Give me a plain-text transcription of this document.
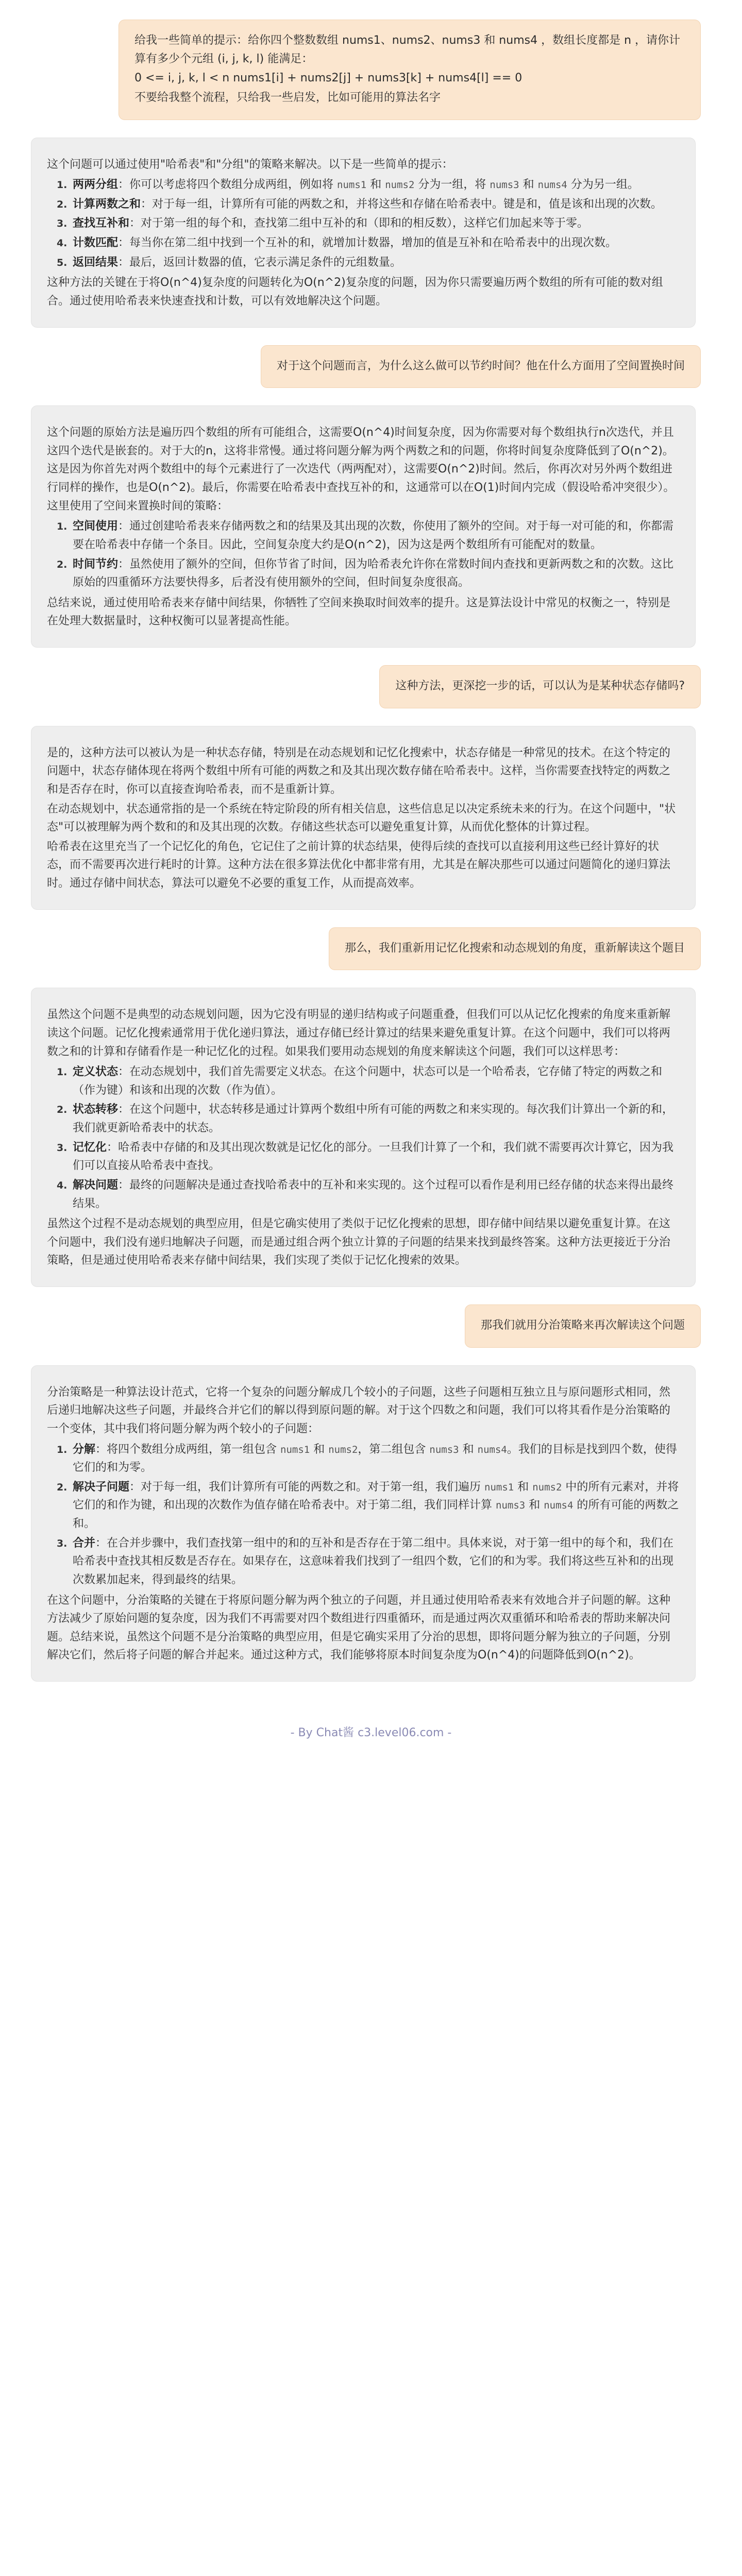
给我一些简单的提示：给你四个整数数组 nums1、nums2、nums3 和 nums4 ，数组长度都是 n ，请你计算有多少个元组 (i, j, k, l) 能满足：

0 <= i, j, k, l < n nums1[i] + nums2[j] + nums3[k] + nums4[l] == 0

不要给我整个流程，只给我一些启发，比如可能用的算法名字

这个问题可以通过使用"哈希表"和"分组"的策略来解决。以下是一些简单的提示：

1. 两两分组：你可以考虑将四个数组分成两组，例如将 nums1 和 nums2 分为一组，将 nums3 和 nums4 分为另一组。
2. 计算两数之和：对于每一组，计算所有可能的两数之和，并将这些和存储在哈希表中。键是和，值是该和出现的次数。
3. 查找互补和：对于第一组的每个和，查找第二组中互补的和（即和的相反数），这样它们加起来等于零。
4. 计数匹配：每当你在第二组中找到一个互补的和，就增加计数器，增加的值是互补和在哈希表中的出现次数。
5. 返回结果：最后，返回计数器的值，它表示满足条件的元组数量。

这种方法的关键在于将O(n^4)复杂度的问题转化为O(n^2)复杂度的问题，因为你只需要遍历两个数组的所有可能的数对组合。通过使用哈希表来快速查找和计数，可以有效地解决这个问题。

对于这个问题而言，为什么这么做可以节约时间？他在什么方面用了空间置换时间

这个问题的原始方法是遍历四个数组的所有可能组合，这需要O(n^4)时间复杂度，因为你需要对每个数组执行n次迭代，并且这四个迭代是嵌套的。对于大的n，这将非常慢。通过将问题分解为两个两数之和的问题，你将时间复杂度降低到了O(n^2)。这是因为你首先对两个数组中的每个元素进行了一次迭代（两两配对），这需要O(n^2)时间。然后，你再次对另外两个数组进行同样的操作，也是O(n^2)。最后，你需要在哈希表中查找互补的和，这通常可以在O(1)时间内完成（假设哈希冲突很少）。这里使用了空间来置换时间的策略：

1. 空间使用：通过创建哈希表来存储两数之和的结果及其出现的次数，你使用了额外的空间。对于每一对可能的和，你都需要在哈希表中存储一个条目。因此，空间复杂度大约是O(n^2)，因为这是两个数组所有可能配对的数量。
2. 时间节约：虽然使用了额外的空间，但你节省了时间，因为哈希表允许你在常数时间内查找和更新两数之和的次数。这比原始的四重循环方法要快得多，后者没有使用额外的空间，但时间复杂度很高。

总结来说，通过使用哈希表来存储中间结果，你牺牲了空间来换取时间效率的提升。这是算法设计中常见的权衡之一，特别是在处理大数据量时，这种权衡可以显著提高性能。

这种方法，更深挖一步的话，可以认为是某种状态存储吗?

是的，这种方法可以被认为是一种状态存储，特别是在动态规划和记忆化搜索中，状态存储是一种常见的技术。在这个特定的问题中，状态存储体现在将两个数组中所有可能的两数之和及其出现次数存储在哈希表中。这样，当你需要查找特定的两数之和是否存在时，你可以直接查询哈希表，而不是重新计算。

在动态规划中，状态通常指的是一个系统在特定阶段的所有相关信息，这些信息足以决定系统未来的行为。在这个问题中，"状态"可以被理解为两个数和的和及其出现的次数。存储这些状态可以避免重复计算，从而优化整体的计算过程。

哈希表在这里充当了一个记忆化的角色，它记住了之前计算的状态结果，使得后续的查找可以直接利用这些已经计算好的状态，而不需要再次进行耗时的计算。这种方法在很多算法优化中都非常有用，尤其是在解决那些可以通过问题简化的递归算法时。通过存储中间状态，算法可以避免不必要的重复工作，从而提高效率。

那么，我们重新用记忆化搜索和动态规划的角度，重新解读这个题目

虽然这个问题不是典型的动态规划问题，因为它没有明显的递归结构或子问题重叠，但我们可以从记忆化搜索的角度来重新解读这个问题。记忆化搜索通常用于优化递归算法，通过存储已经计算过的结果来避免重复计算。在这个问题中，我们可以将两数之和的计算和存储看作是一种记忆化的过程。如果我们要用动态规划的角度来解读这个问题，我们可以这样思考：

1. 定义状态：在动态规划中，我们首先需要定义状态。在这个问题中，状态可以是一个哈希表，它存储了特定的两数之和（作为键）和该和出现的次数（作为值）。
2. 状态转移：在这个问题中，状态转移是通过计算两个数组中所有可能的两数之和来实现的。每次我们计算出一个新的和，我们就更新哈希表中的状态。
3. 记忆化：哈希表中存储的和及其出现次数就是记忆化的部分。一旦我们计算了一个和，我们就不需要再次计算它，因为我们可以直接从哈希表中查找。
4. 解决问题：最终的问题解决是通过查找哈希表中的互补和来实现的。这个过程可以看作是利用已经存储的状态来得出最终结果。

虽然这个过程不是动态规划的典型应用，但是它确实使用了类似于记忆化搜索的思想，即存储中间结果以避免重复计算。在这个问题中，我们没有递归地解决子问题，而是通过组合两个独立计算的子问题的结果来找到最终答案。这种方法更接近于分治策略，但是通过使用哈希表来存储中间结果，我们实现了类似于记忆化搜索的效果。

那我们就用分治策略来再次解读这个问题

分治策略是一种算法设计范式，它将一个复杂的问题分解成几个较小的子问题，这些子问题相互独立且与原问题形式相同，然后递归地解决这些子问题，并最终合并它们的解以得到原问题的解。对于这个四数之和问题，我们可以将其看作是分治策略的一个变体，其中我们将问题分解为两个较小的子问题：

1. 分解：将四个数组分成两组，第一组包含 nums1 和 nums2，第二组包含 nums3 和 nums4。我们的目标是找到四个数，使得它们的和为零。
2. 解决子问题：对于每一组，我们计算所有可能的两数之和。对于第一组，我们遍历 nums1 和 nums2 中的所有元素对，并将它们的和作为键，和出现的次数作为值存储在哈希表中。对于第二组，我们同样计算 nums3 和 nums4 的所有可能的两数之和。
3. 合并：在合并步骤中，我们查找第一组中的和的互补和是否存在于第二组中。具体来说，对于第一组中的每个和，我们在哈希表中查找其相反数是否存在。如果存在，这意味着我们找到了一组四个数，它们的和为零。我们将这些互补和的出现次数累加起来，得到最终的结果。

在这个问题中，分治策略的关键在于将原问题分解为两个独立的子问题，并且通过使用哈希表来有效地合并子问题的解。这种方法减少了原始问题的复杂度，因为我们不再需要对四个数组进行四重循环，而是通过两次双重循环和哈希表的帮助来解决问题。总结来说，虽然这个问题不是分治策略的典型应用，但是它确实采用了分治的思想，即将问题分解为独立的子问题，分别解决它们，然后将子问题的解合并起来。通过这种方式，我们能够将原本时间复杂度为O(n^4)的问题降低到O(n^2)。

- By Chat酱 c3.level06.com -
